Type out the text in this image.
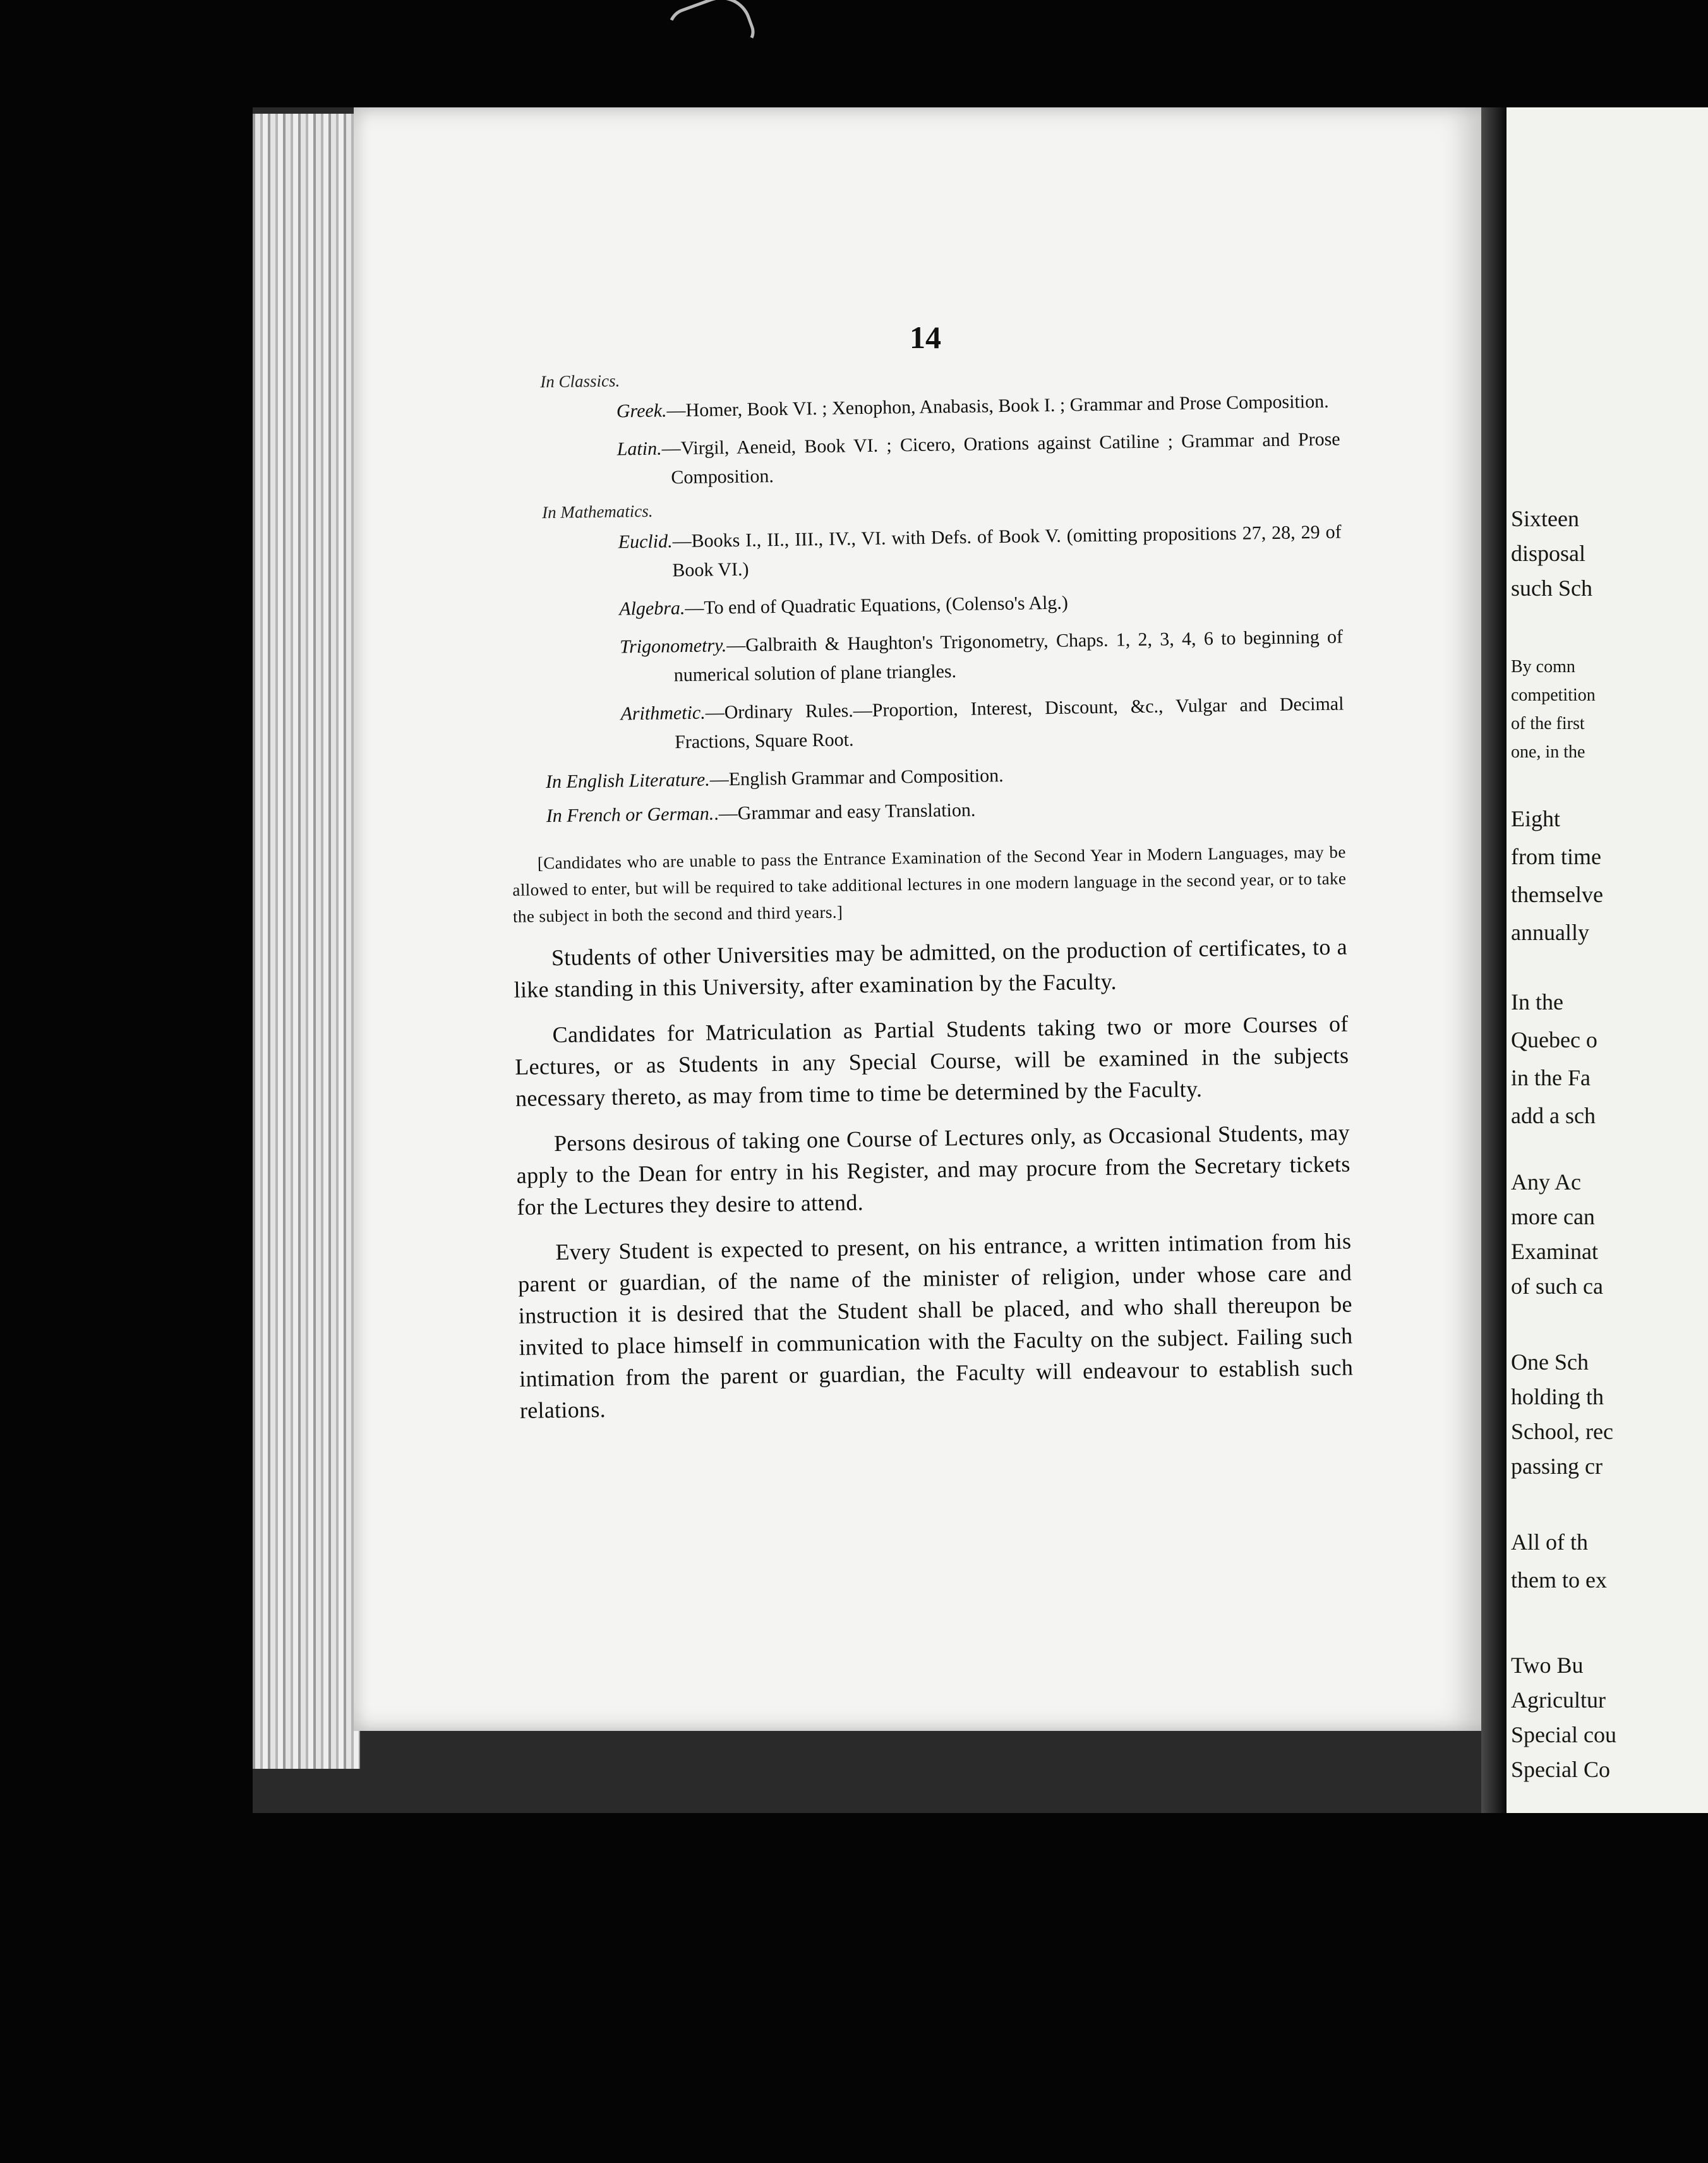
14
In Classics.
Greek.—Homer, Book VI. ; Xenophon, Anabasis, Book I. ; Grammar and Prose Composition.
Latin.—Virgil, Aeneid, Book VI. ; Cicero, Orations against Catiline ; Grammar and Prose Composition.
In Mathematics.
Euclid.—Books I., II., III., IV., VI. with Defs. of Book V. (omitting propositions 27, 28, 29 of Book VI.)
Algebra.—To end of Quadratic Equations, (Colenso's Alg.)
Trigonometry.—Galbraith & Haughton's Trigonometry, Chaps. 1, 2, 3, 4, 6 to beginning of numerical solution of plane triangles.
Arithmetic.—Ordinary Rules.—Proportion, Interest, Discount, &c., Vulgar and Decimal Fractions, Square Root.
In English Literature.—English Grammar and Composition.
In French or German..—Grammar and easy Translation.
[Candidates who are unable to pass the Entrance Examination of the Second Year in Modern Languages, may be allowed to enter, but will be required to take additional lectures in one modern language in the second year, or to take the subject in both the second and third years.]

Students of other Universities may be admitted, on the production of certificates, to a like standing in this University, after examination by the Faculty.

Candidates for Matriculation as Partial Students taking two or more Courses of Lectures, or as Students in any Special Course, will be examined in the subjects necessary thereto, as may from time to time be determined by the Faculty.

Persons desirous of taking one Course of Lectures only, as Occasional Students, may apply to the Dean for entry in his Register, and may procure from the Secretary tickets for the Lectures they desire to attend.

Every Student is expected to present, on his entrance, a written intimation from his parent or guardian, of the name of the minister of religion, under whose care and instruction it is desired that the Student shall be placed, and who shall thereupon be invited to place himself in communication with the Faculty on the subject. Failing such intimation from the parent or guardian, the Faculty will endeavour to establish such relations.

Sixteen
disposal
such Sch
By comn
competition
of the first
one, in the
Eight
from time
themselve
annually
In the
Quebec o
in the Fa
add a sch
Any Ac
more can
Examinat
of such ca
One Sch
holding th
School, rec
passing cr
All of th
them to ex
Two Bu
Agricultur
Special cou
Special Co
